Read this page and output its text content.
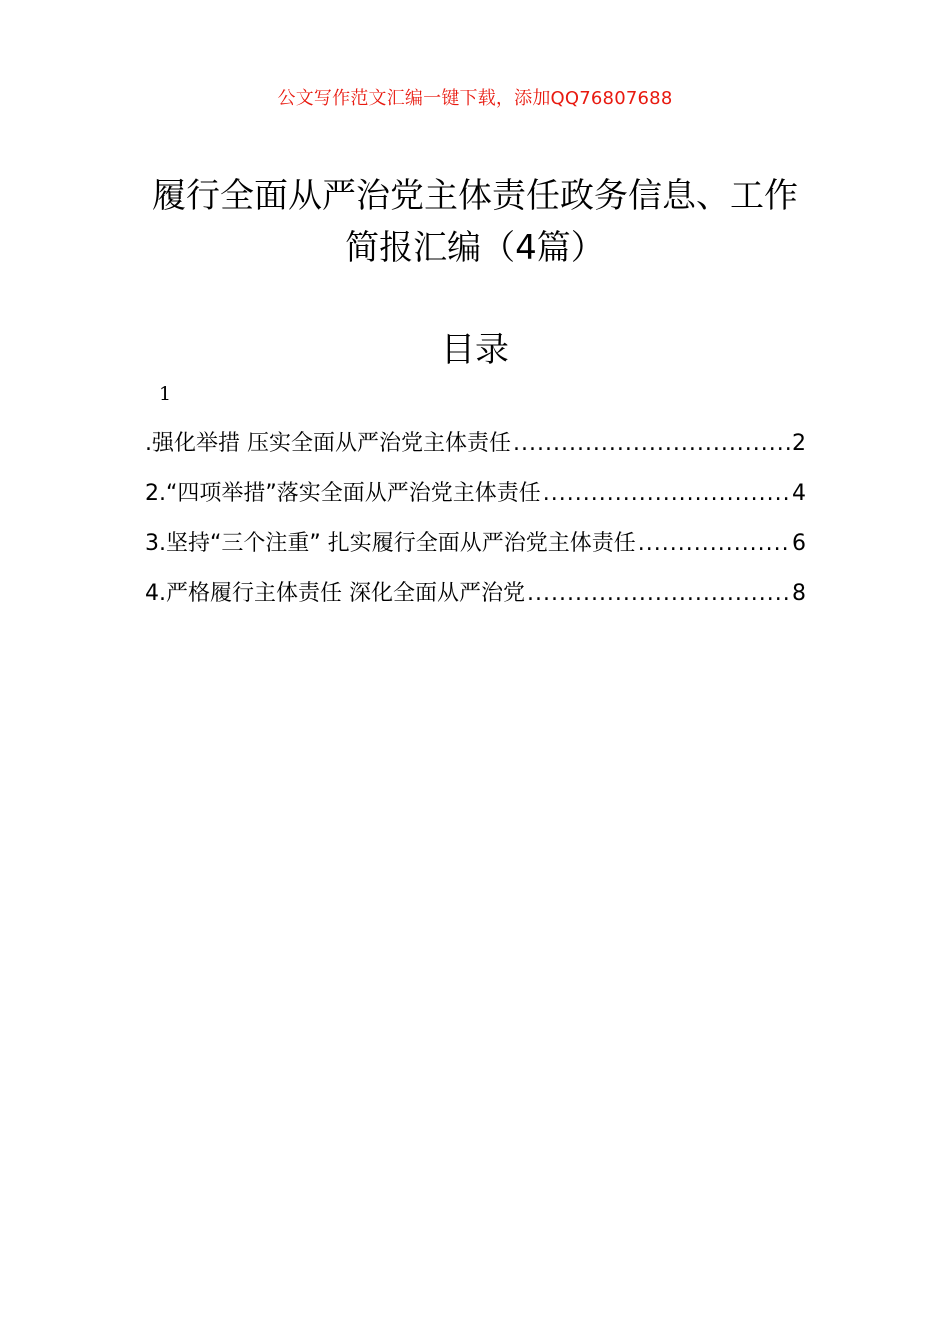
公文写作范文汇编一键下载，添加QQ76807688
履行全面从严治党主体责任政务信息、工作简报汇编（4篇）
目录
1
.强化举措 压实全面从严治党主体责任 .....	2
2.“四项举措”落实全面从严治党主体责任 .....	4
3.坚持“三个注重” 扎实履行全面从严治党主体责任 .....	6
4.严格履行主体责任 深化全面从严治党 .....	8
